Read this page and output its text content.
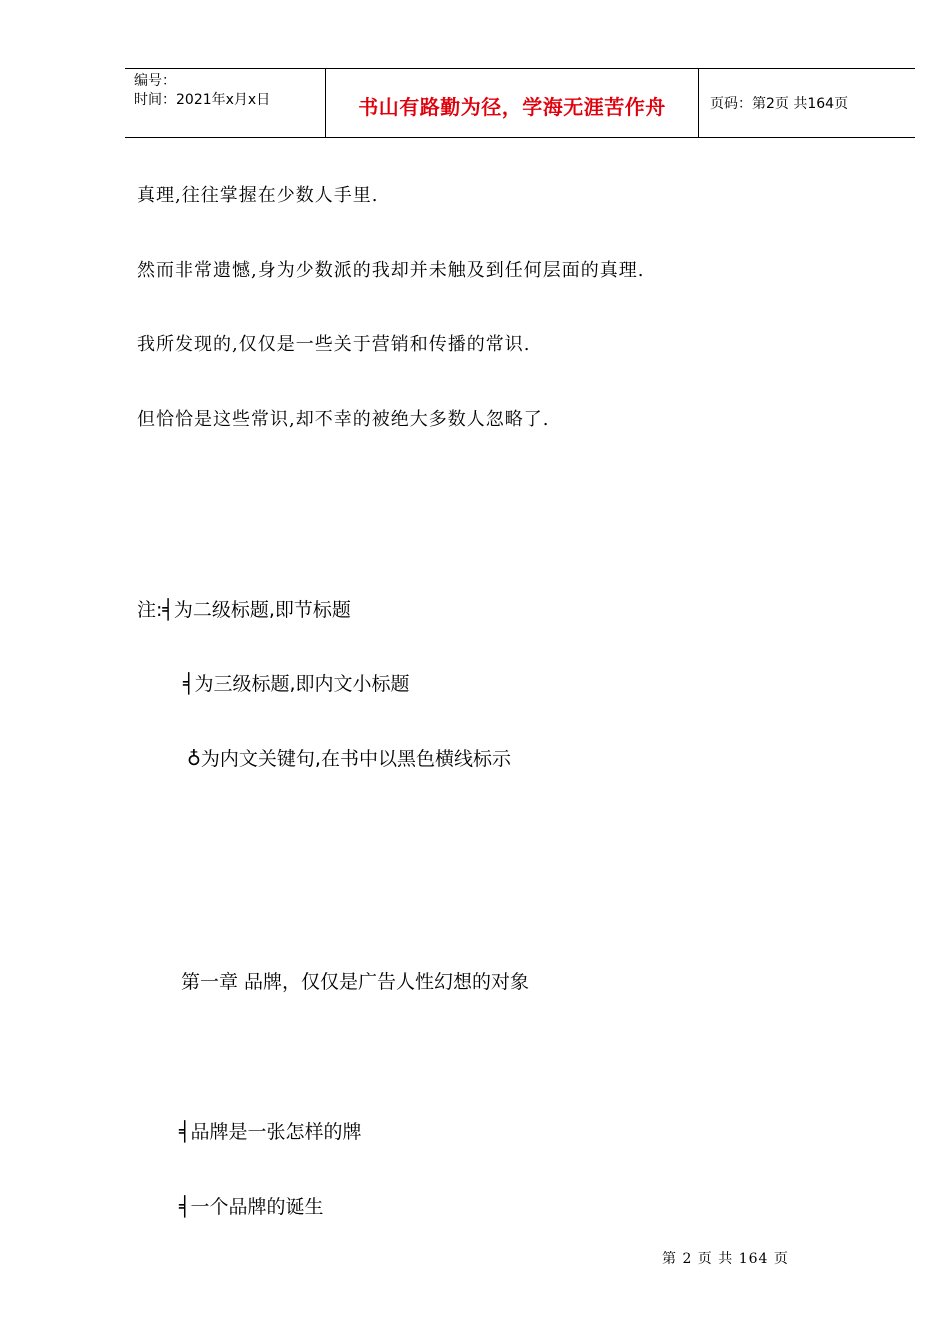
编号：
时间：2021年x月x日	书山有路勤为径，学海无涯苦作舟	页码：第2页 共164页
真理,往往掌握在少数人手里.
然而非常遗憾,身为少数派的我却并未触及到任何层面的真理.
我所发现的,仅仅是一些关于营销和传播的常识.
但恰恰是这些常识,却不幸的被绝大多数人忽略了.
注:╡为二级标题,即节标题
╡为三级标题,即内文小标题
♁为内文关键句,在书中以黑色横线标示
第一章 品牌，仅仅是广告人性幻想的对象
╡品牌是一张怎样的牌
╡一个品牌的诞生
第 2 页 共 164 页
